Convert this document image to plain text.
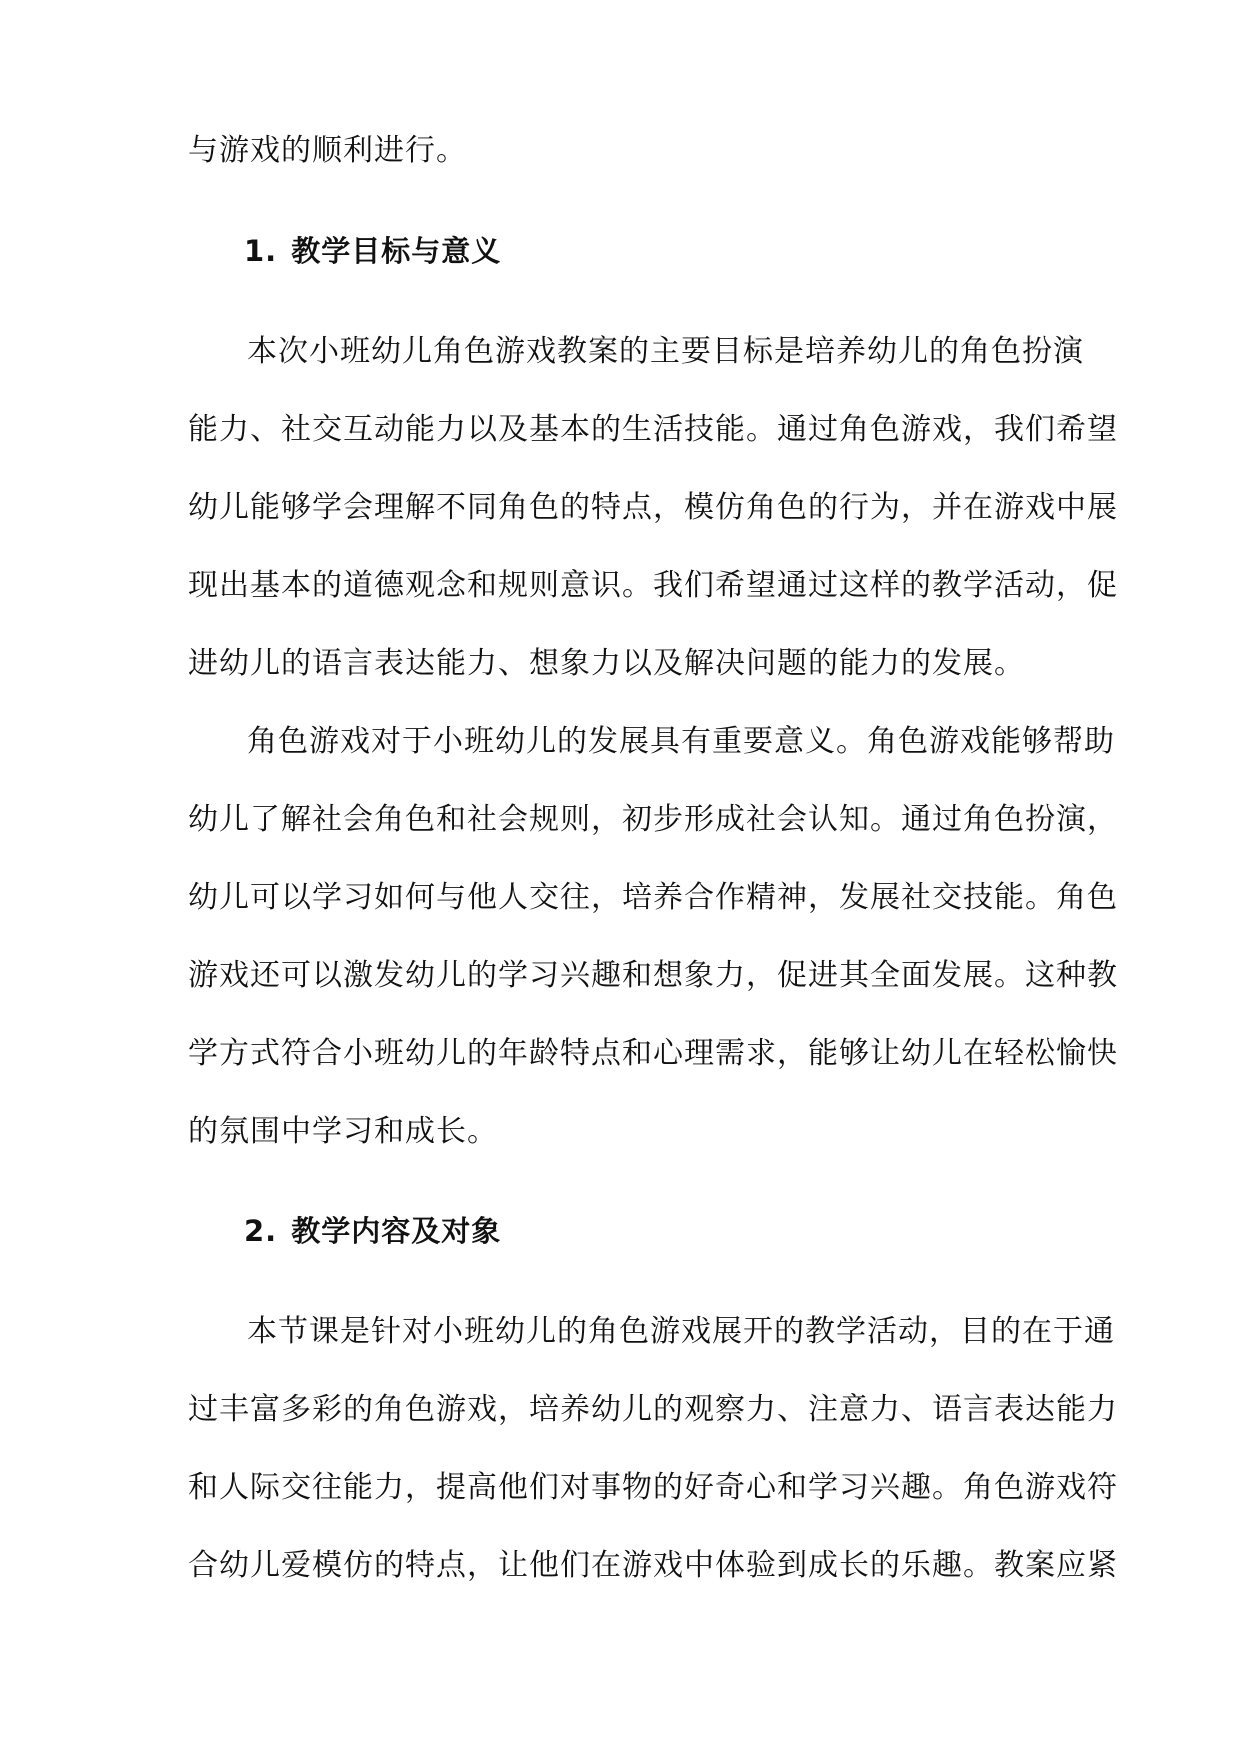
与游戏的顺利进行。
1. 教学目标与意义
本次小班幼儿角色游戏教案的主要目标是培养幼儿的角色扮演
能力、社交互动能力以及基本的生活技能。通过角色游戏，我们希望
幼儿能够学会理解不同角色的特点，模仿角色的行为，并在游戏中展
现出基本的道德观念和规则意识。我们希望通过这样的教学活动，促
进幼儿的语言表达能力、想象力以及解决问题的能力的发展。
角色游戏对于小班幼儿的发展具有重要意义。角色游戏能够帮助
幼儿了解社会角色和社会规则，初步形成社会认知。通过角色扮演，
幼儿可以学习如何与他人交往，培养合作精神，发展社交技能。角色
游戏还可以激发幼儿的学习兴趣和想象力，促进其全面发展。这种教
学方式符合小班幼儿的年龄特点和心理需求，能够让幼儿在轻松愉快
的氛围中学习和成长。
2. 教学内容及对象
本节课是针对小班幼儿的角色游戏展开的教学活动，目的在于通
过丰富多彩的角色游戏，培养幼儿的观察力、注意力、语言表达能力
和人际交往能力，提高他们对事物的好奇心和学习兴趣。角色游戏符
合幼儿爱模仿的特点，让他们在游戏中体验到成长的乐趣。教案应紧
